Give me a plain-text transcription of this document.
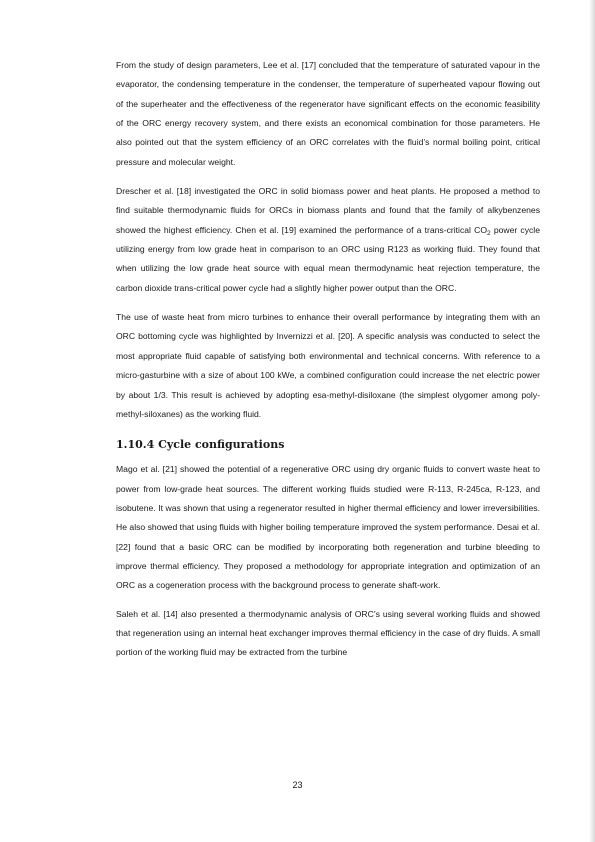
From the study of design parameters, Lee et al. [17] concluded that the temperature of saturated vapour in the evaporator, the condensing temperature in the condenser, the temperature of superheated vapour flowing out of the superheater and the effectiveness of the regenerator have significant effects on the economic feasibility of the ORC energy recovery system, and there exists an economical combination for those parameters. He also pointed out that the system efficiency of an ORC correlates with the fluid’s normal boiling point, critical pressure and molecular weight.

Drescher et al. [18] investigated the ORC in solid biomass power and heat plants. He proposed a method to find suitable thermodynamic fluids for ORCs in biomass plants and found that the family of alkybenzenes showed the highest efficiency. Chen et al. [19] examined the performance of a trans-critical $CO_2$ power cycle utilizing energy from low grade heat in comparison to an ORC using R123 as working fluid. They found that when utilizing the low grade heat source with equal mean thermodynamic heat rejection temperature, the carbon dioxide trans-critical power cycle had a slightly higher power output than the ORC.

The use of waste heat from micro turbines to enhance their overall performance by integrating them with an ORC bottoming cycle was highlighted by Invernizzi et al. [20]. A specific analysis was conducted to select the most appropriate fluid capable of satisfying both environmental and technical concerns. With reference to a micro-gasturbine with a size of about 100 kWe, a combined configuration could increase the net electric power by about 1/3. This result is achieved by adopting esa-methyl-disiloxane (the simplest olygomer among poly-methyl-siloxanes) as the working fluid.

1.10.4 Cycle configurations

Mago et al. [21] showed the potential of a regenerative ORC using dry organic fluids to convert waste heat to power from low-grade heat sources. The different working fluids studied were R-113, R-245ca, R-123, and isobutene. It was shown that using a regenerator resulted in higher thermal efficiency and lower irreversibilities. He also showed that using fluids with higher boiling temperature improved the system performance. Desai et al. [22] found that a basic ORC can be modified by incorporating both regeneration and turbine bleeding to improve thermal efficiency. They proposed a methodology for appropriate integration and optimization of an ORC as a cogeneration process with the background process to generate shaft-work.

Saleh et al. [14] also presented a thermodynamic analysis of ORC’s using several working fluids and showed that regeneration using an internal heat exchanger improves thermal efficiency in the case of dry fluids. A small portion of the working fluid may be extracted from the turbine

23
